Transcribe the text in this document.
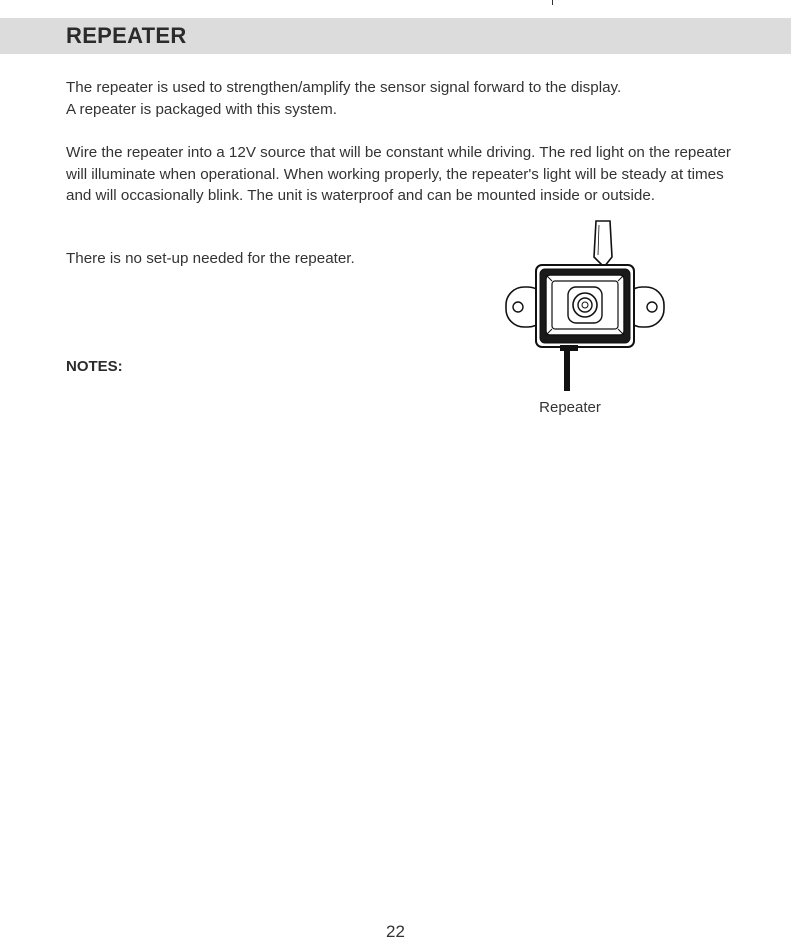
REPEATER

The repeater is used to strengthen/amplify the sensor signal forward to the display.
A repeater is packaged with this system.

Wire the repeater into a 12V source that will be constant while driving. The red light on the repeater will illuminate when operational. When working properly, the repeater's light will be steady at times and will occasionally blink. The unit is waterproof and can be mounted inside or outside.

There is no set-up needed for the repeater.

NOTES:
Repeater
22
